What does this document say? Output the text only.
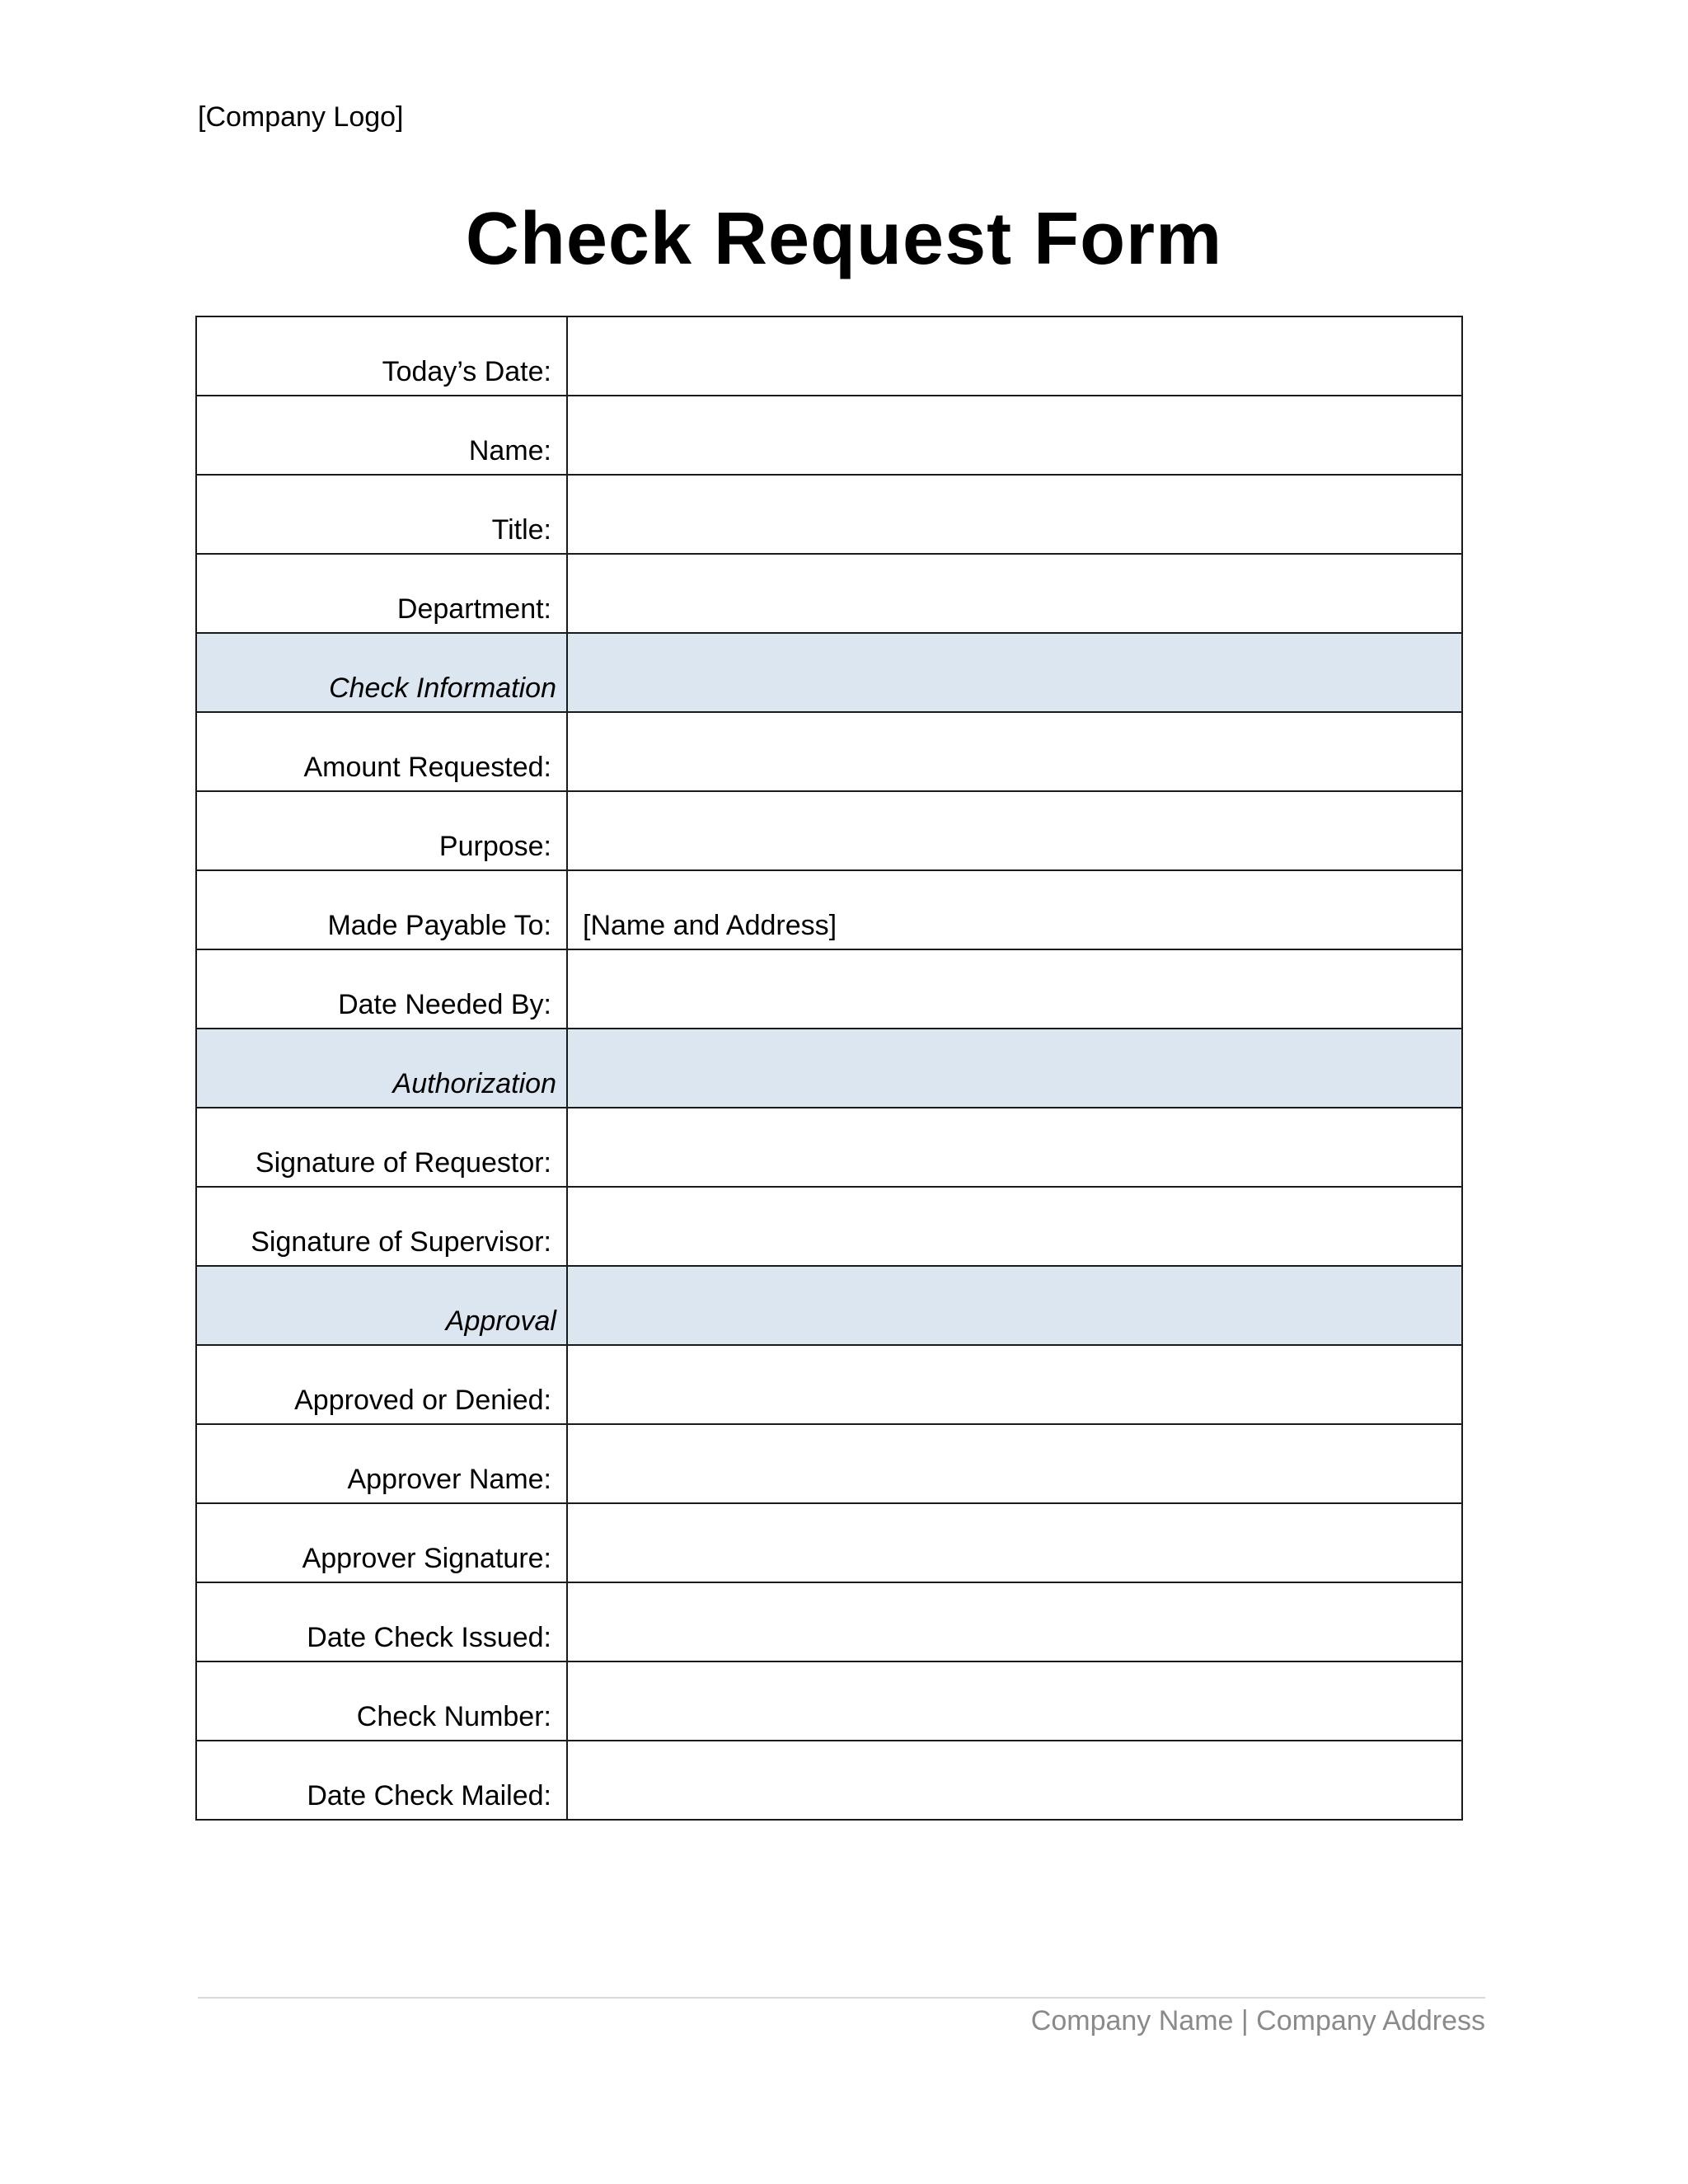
[Company Logo]
Check Request Form
Today’s Date:	
Name:	
Title:	
Department:	
Check Information	
Amount Requested:	
Purpose:	
Made Payable To:	[Name and Address]
Date Needed By:	
Authorization	
Signature of Requestor:	
Signature of Supervisor:	
Approval	
Approved or Denied:	
Approver Name:	
Approver Signature:	
Date Check Issued:	
Check Number:	
Date Check Mailed:	
Company Name | Company Address
